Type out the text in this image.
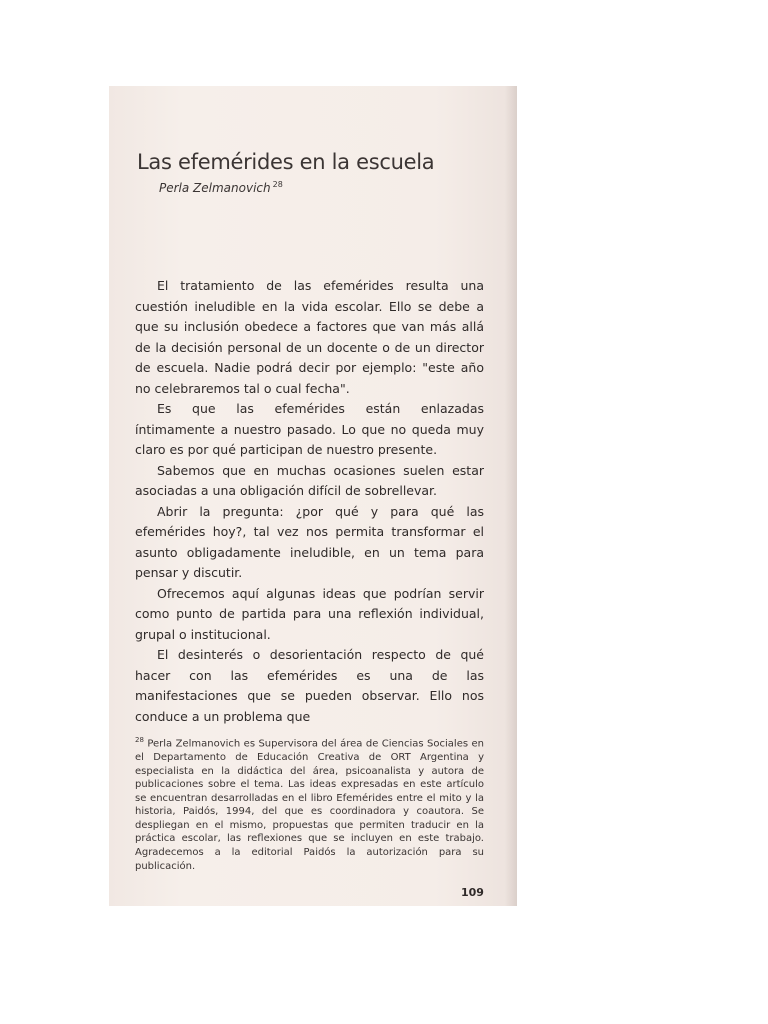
Las efemérides en la escuela

Perla Zelmanovich $^{28}$

El tratamiento de las efemérides resulta una cuestión ineludible en la vida escolar. Ello se debe a que su inclusión obedece a factores que van más allá de la decisión personal de un docente o de un director de escuela. Nadie podrá decir por ejemplo: "este año no celebraremos tal o cual fecha".

Es que las efemérides están enlazadas íntimamente a nuestro pasado. Lo que no queda muy claro es por qué participan de nuestro presente.

Sabemos que en muchas ocasiones suelen estar asociadas a una obligación difícil de sobrellevar.

Abrir la pregunta: ¿por qué y para qué las efemérides hoy?, tal vez nos permita transformar el asunto obligadamente ineludible, en un tema para pensar y discutir.

Ofrecemos aquí algunas ideas que podrían servir como punto de partida para una reflexión individual, grupal o institucional.

El desinterés o desorientación respecto de qué hacer con las efemérides es una de las manifestaciones que se pueden observar. Ello nos conduce a un problema que

$^{28}$ Perla Zelmanovich es Supervisora del área de Ciencias Sociales en el Departamento de Educación Creativa de ORT Argentina y especialista en la didáctica del área, psicoanalista y autora de publicaciones sobre el tema. Las ideas expresadas en este artículo se encuentran desarrolladas en el libro Efemérides entre el mito y la historia, Paidós, 1994, del que es coordinadora y coautora. Se despliegan en el mismo, propuestas que permiten traducir en la práctica escolar, las reflexiones que se incluyen en este trabajo. Agradecemos a la editorial Paidós la autorización para su publicación.

109
